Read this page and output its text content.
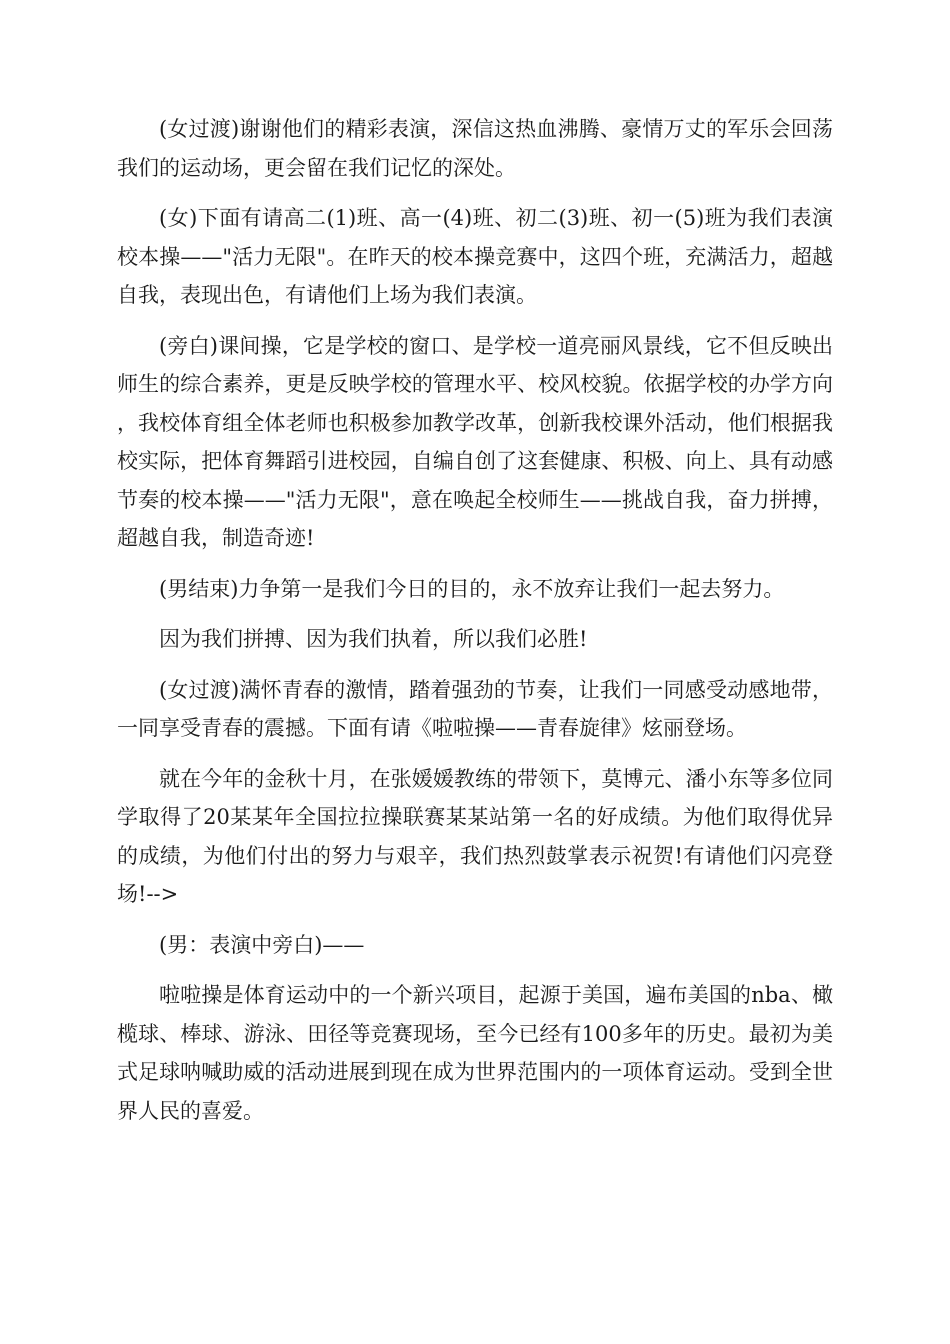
(女过渡)谢谢他们的精彩表演，深信这热血沸腾、豪情万丈的军乐会回荡我们的运动场，更会留在我们记忆的深处。

(女)下面有请高二(1)班、高一(4)班、初二(3)班、初一(5)班为我们表演校本操——"活力无限"。在昨天的校本操竞赛中，这四个班，充满活力，超越自我，表现出色，有请他们上场为我们表演。

(旁白)课间操，它是学校的窗口、是学校一道亮丽风景线，它不但反映出师生的综合素养，更是反映学校的管理水平、校风校貌。依据学校的办学方向，我校体育组全体老师也积极参加教学改革，创新我校课外活动，他们根据我校实际，把体育舞蹈引进校园，自编自创了这套健康、积极、向上、具有动感节奏的校本操——"活力无限"，意在唤起全校师生——挑战自我，奋力拼搏，超越自我，制造奇迹!

(男结束)力争第一是我们今日的目的，永不放弃让我们一起去努力。

因为我们拼搏、因为我们执着，所以我们必胜!

(女过渡)满怀青春的激情，踏着强劲的节奏，让我们一同感受动感地带，一同享受青春的震撼。下面有请《啦啦操——青春旋律》炫丽登场。

就在今年的金秋十月，在张媛媛教练的带领下，莫博元、潘小东等多位同学取得了20某某年全国拉拉操联赛某某站第一名的好成绩。为他们取得优异的成绩，为他们付出的努力与艰辛，我们热烈鼓掌表示祝贺!有请他们闪亮登场!-->

(男：表演中旁白)——

啦啦操是体育运动中的一个新兴项目，起源于美国，遍布美国的nba、橄榄球、棒球、游泳、田径等竞赛现场，至今已经有100多年的历史。最初为美式足球呐喊助威的活动进展到现在成为世界范围内的一项体育运动。受到全世界人民的喜爱。
